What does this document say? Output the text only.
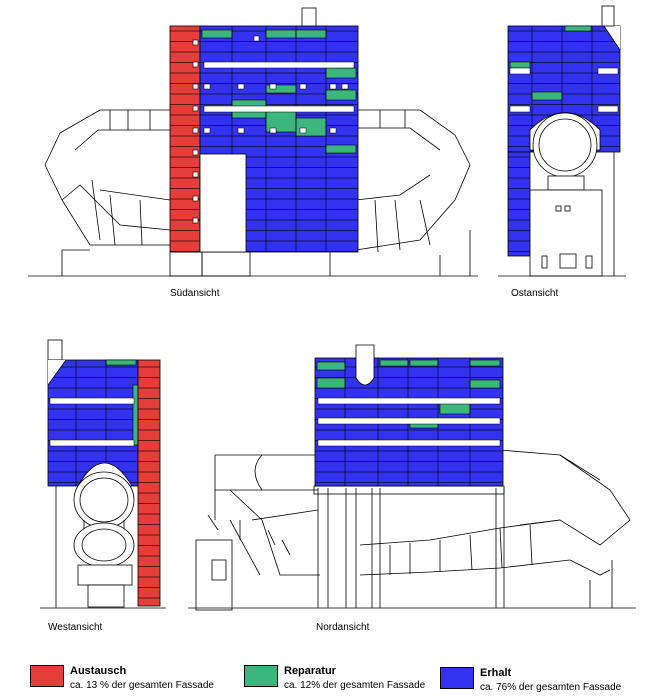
Südansicht	Ostansicht
Westansicht	Nordansicht
Austausch
ca. 13 % der gesamten Fassade
Reparatur
ca. 12% der gesamten Fassade
Erhalt
ca. 76% der gesamten Fassade
